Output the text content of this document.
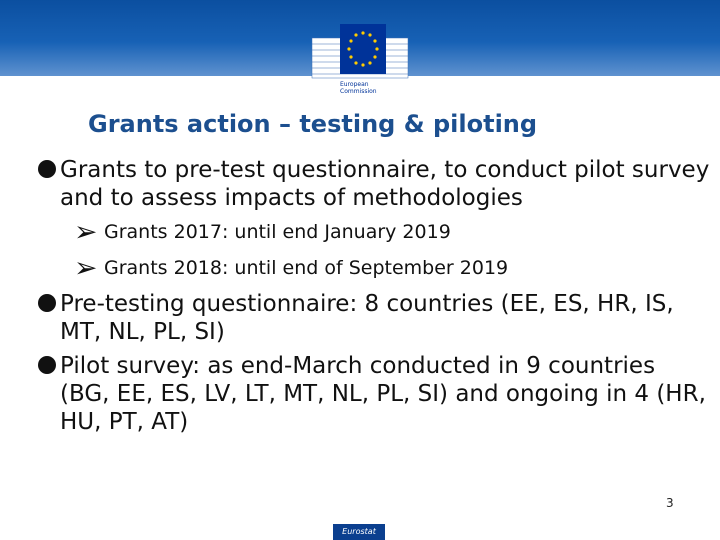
European
Commission
Grants action – testing & piloting
Grants to pre-test questionnaire, to conduct pilot survey and to assess impacts of methodologies
➢ Grants 2017: until end January 2019
➢ Grants 2018: until end of September 2019
Pre-testing questionnaire: 8 countries (EE, ES, HR, IS, MT, NL, PL, SI)
Pilot survey: as end-March conducted in 9 countries (BG, EE, ES, LV, LT, MT, NL, PL, SI) and ongoing in 4 (HR, HU, PT, AT)
3
Eurostat
